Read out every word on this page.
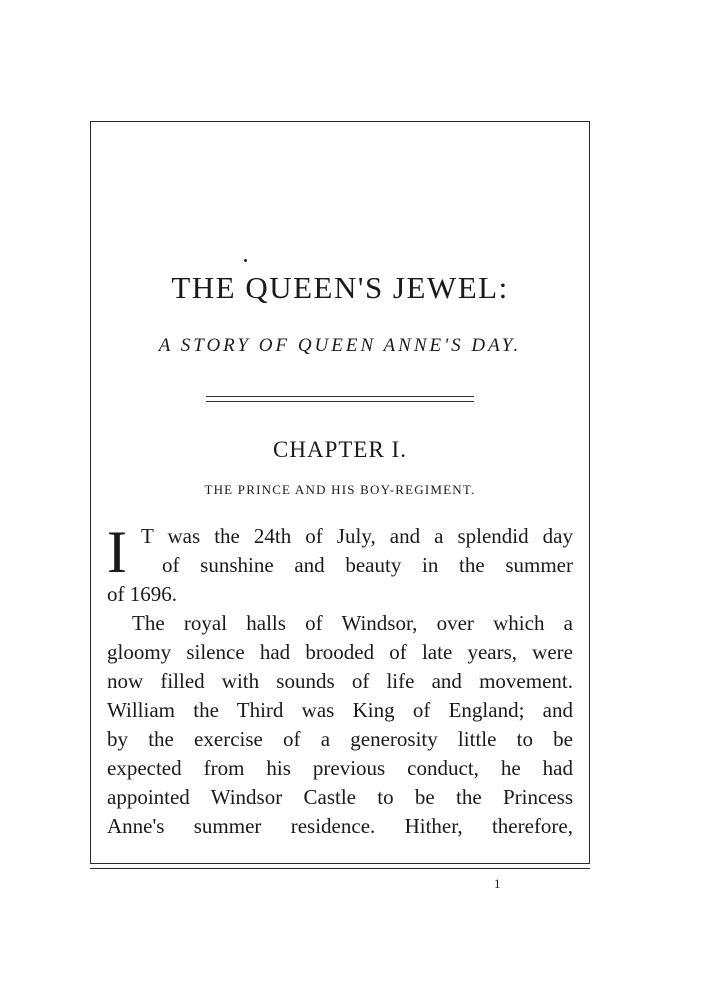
THE QUEEN'S JEWEL:
A STORY OF QUEEN ANNE'S DAY.
CHAPTER I.
THE PRINCE AND HIS BOY-REGIMENT.
I T was the 24th of July, and a splendid day
of sunshine and beauty in the summer
of 1696.
The royal halls of Windsor, over which a
gloomy silence had brooded of late years, were
now filled with sounds of life and movement.
William the Third was King of England; and
by the exercise of a generosity little to be
expected from his previous conduct, he had
appointed Windsor Castle to be the Princess
Anne's summer residence. Hither, therefore,
1
